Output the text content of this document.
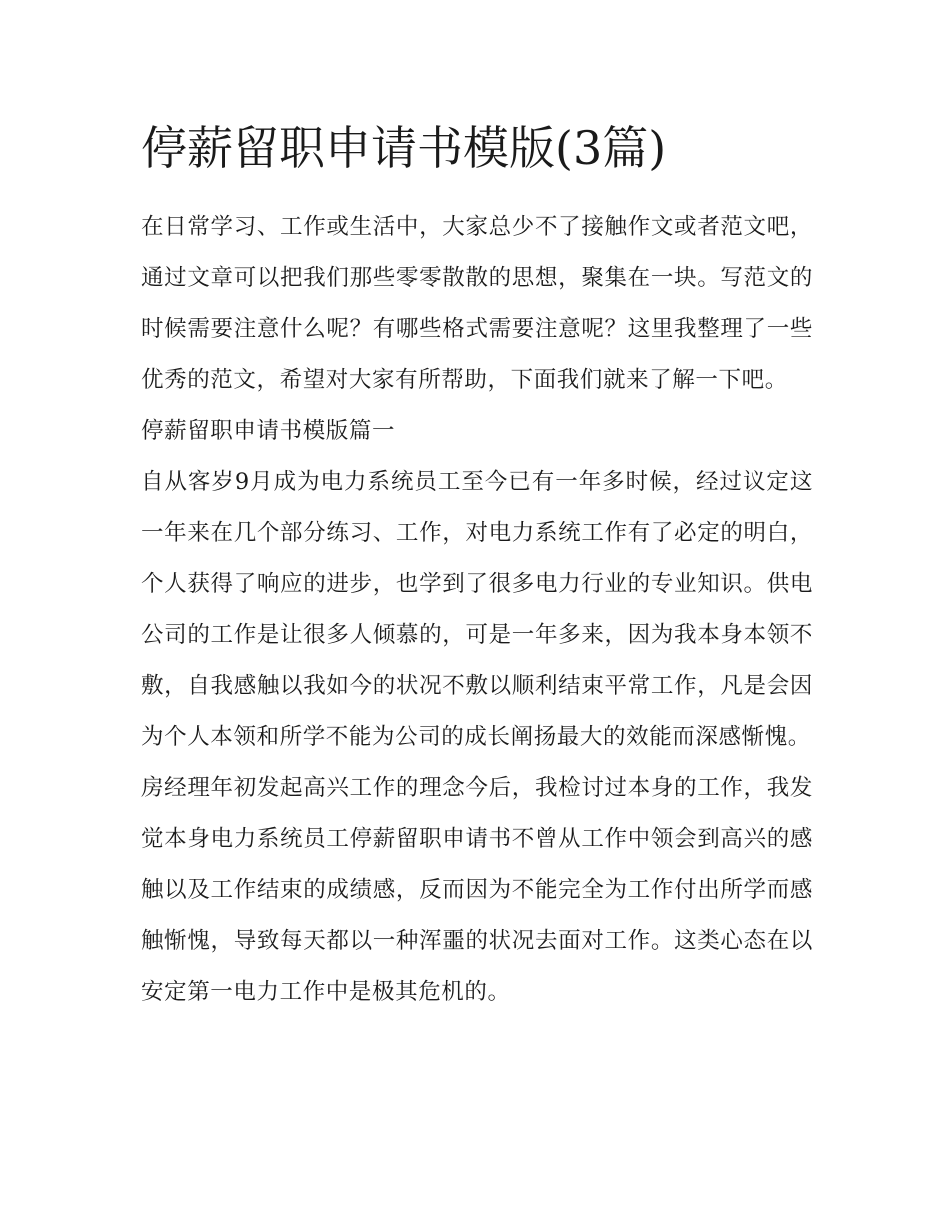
停薪留职申请书模版(3篇)

在日常学习、工作或生活中，大家总少不了接触作文或者范文吧，通过文章可以把我们那些零零散散的思想，聚集在一块。写范文的时候需要注意什么呢？有哪些格式需要注意呢？这里我整理了一些优秀的范文，希望对大家有所帮助，下面我们就来了解一下吧。

停薪留职申请书模版篇一

自从客岁9月成为电力系统员工至今已有一年多时候，经过议定这一年来在几个部分练习、工作，对电力系统工作有了必定的明白，个人获得了响应的进步，也学到了很多电力行业的专业知识。供电公司的工作是让很多人倾慕的，可是一年多来，因为我本身本领不敷，自我感触以我如今的状况不敷以顺利结束平常工作，凡是会因为个人本领和所学不能为公司的成长阐扬最大的效能而深感惭愧。

房经理年初发起高兴工作的理念今后，我检讨过本身的工作，我发觉本身电力系统员工停薪留职申请书不曾从工作中领会到高兴的感触以及工作结束的成绩感，反而因为不能完全为工作付出所学而感触惭愧，导致每天都以一种浑噩的状况去面对工作。这类心态在以安定第一电力工作中是极其危机的。
